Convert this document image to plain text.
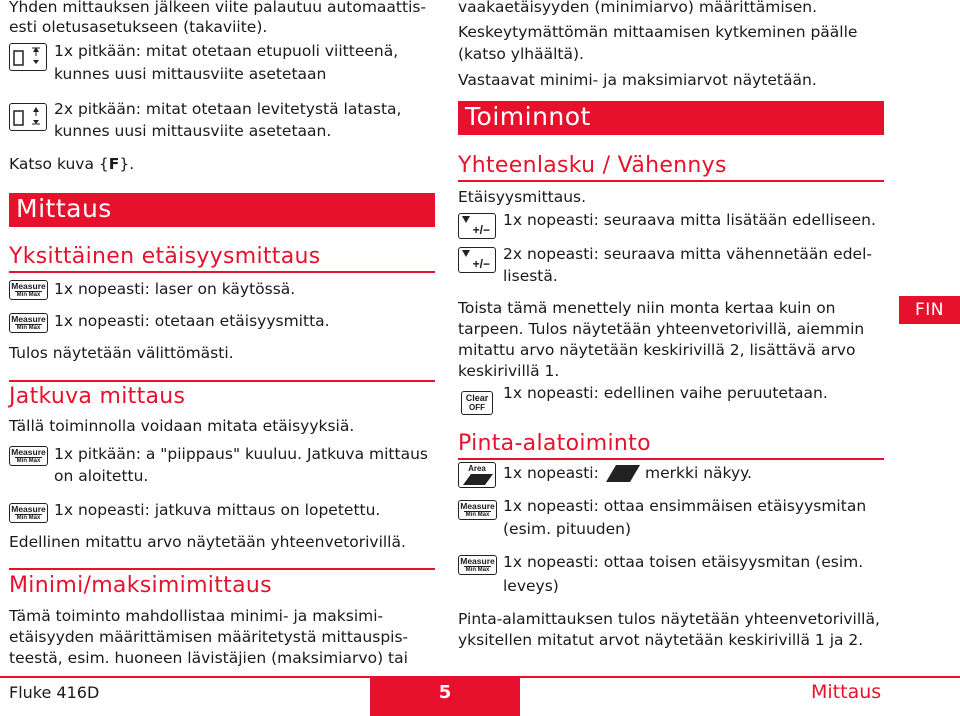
Yhden mittauksen jälkeen viite palautuu automaattis-
esti oletusasetukseen (takaviite).
1x pitkään: mitat otetaan etupuoli viitteenä,
kunnes uusi mittausviite asetetaan
2x pitkään: mitat otetaan levitetystä latasta,
kunnes uusi mittausviite asetetaan.
Katso kuva {F}.
Mittaus
Yksittäinen etäisyysmittaus
Measure
Min Max 1x nopeasti: laser on käytössä.
Measure
Min Max 1x nopeasti: otetaan etäisyysmitta.
Tulos näytetään välittömästi.
Jatkuva mittaus
Tällä toiminnolla voidaan mitata etäisyyksiä.
Measure
Min Max 1x pitkään: a "piippaus" kuuluu. Jatkuva mittaus
on aloitettu.
Measure
Min Max 1x nopeasti: jatkuva mittaus on lopetettu.
Edellinen mitattu arvo näytetään yhteenvetorivillä.
Minimi/maksimimittaus
Tämä toiminto mahdollistaa minimi- ja maksimi-
etäisyyden määrittämisen määritetystä mittauspis-
teestä, esim. huoneen lävistäjien (maksimiarvo) tai
vaakaetäisyyden (minimiarvo) määrittämisen.
Keskeytymättömän mittaamisen kytkeminen päälle
(katso ylhäältä).
Vastaavat minimi- ja maksimiarvot näytetään.
Toiminnot
Yhteenlasku / Vähennys
Etäisyysmittaus.
+/−
1x nopeasti: seuraava mitta lisätään edelliseen.
+/−
2x nopeasti: seuraava mitta vähennetään edel-
lisestä.
Toista tämä menettely niin monta kertaa kuin on
tarpeen. Tulos näytetään yhteenvetorivillä, aiemmin
mitattu arvo näytetään keskirivillä 2, lisättävä arvo
keskirivillä 1.
Clear
OFF
1x nopeasti: edellinen vaihe peruutetaan.
Pinta-alatoiminto
Area	1x nopeasti:	merkki näkyy.
Measure
Min Max 1x nopeasti: ottaa ensimmäisen etäisyysmitan
(esim. pituuden)
Measure
Min Max 1x nopeasti: ottaa toisen etäisyysmitan (esim.
leveys)
Pinta-alamittauksen tulos näytetään yhteenvetorivillä,
yksitellen mitatut arvot näytetään keskirivillä 1 ja 2.
FIN
Fluke 416D	5	Mittaus
